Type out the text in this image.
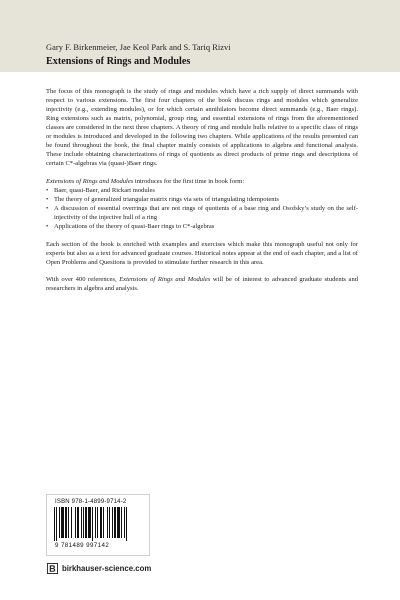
Gary F. Birkenmeier, Jae Keol Park and S. Tariq Rizvi
Extensions of Rings and Modules

The focus of this monograph is the study of rings and modules which have a rich supply of direct summands with respect to various extensions. The first four chapters of the book discuss rings and modules which generalize injectivity (e.g., extending modules), or for which certain annihilators become direct summands (e.g., Baer rings). Ring extensions such as matrix, polynomial, group ring, and essential extensions of rings from the aforementioned classes are considered in the next three chapters. A theory of ring and module hulls relative to a specific class of rings or modules is introduced and developed in the following two chapters. While applications of the results presented can be found throughout the book, the final chapter mainly consists of applications to algebra and functional analysis. These include obtaining characterizations of rings of quotients as direct products of prime rings and descriptions of certain C*-algebras via (quasi-)Baer rings.

Extensions of Rings and Modules introduces for the first time in book form:

• Baer, quasi-Baer, and Rickart modules
• The theory of generalized triangular matrix rings via sets of triangulating idempotents
• A discussion of essential overrings that are not rings of quotients of a base ring and Osofsky’s study on the self-injectivity of the injective hull of a ring
• Applications of the theory of quasi-Baer rings to C*-algebras

Each section of the book is enriched with examples and exercises which make this monograph useful not only for experts but also as a text for advanced graduate courses. Historical notes appear at the end of each chapter, and a list of Open Problems and Questions is provided to stimulate further research in this area.

With over 400 references, Extensions of Rings and Modules will be of interest to advanced graduate students and researchers in algebra and analysis.

ISBN 978-1-4899-9714-2
9 781489 997142
birkhauser-science.com
